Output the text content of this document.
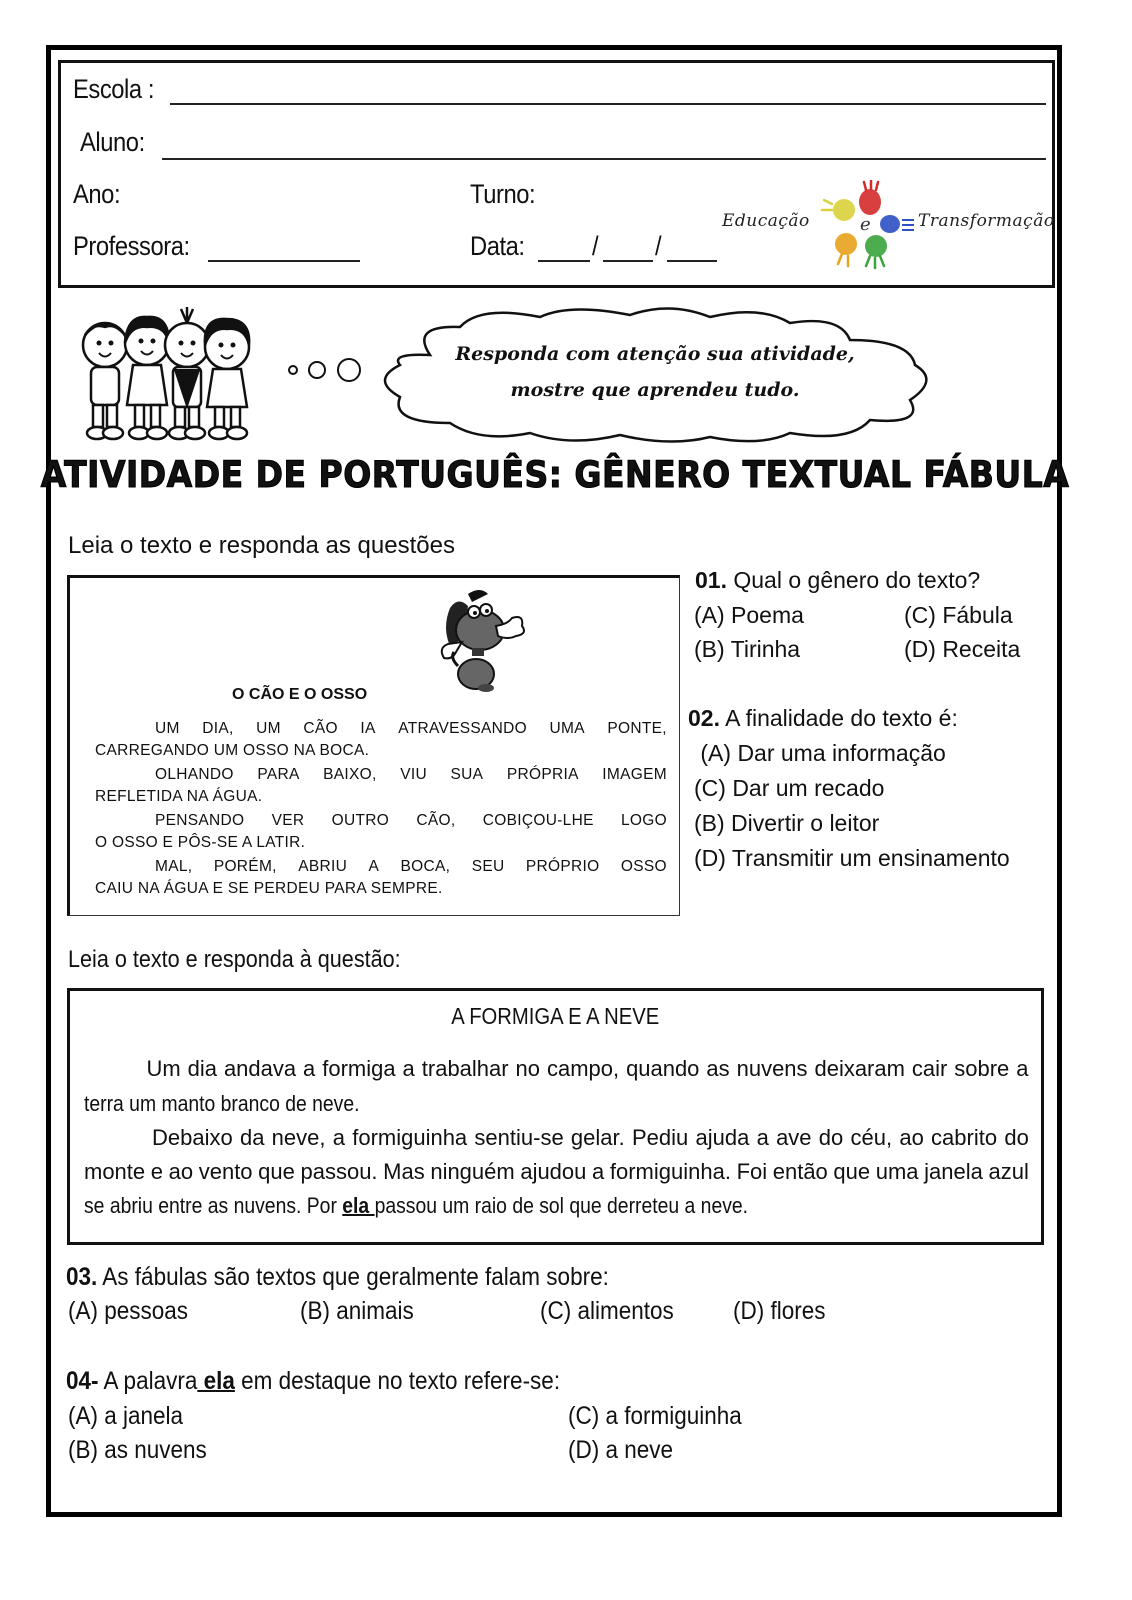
Escola :
Aluno:
Ano:	Turno:
Professora:	Data: / /
Educação	e	Transformação
Responda com atenção sua atividade,
mostre que aprendeu tudo.
ATIVIDADE DE PORTUGUÊS: GÊNERO TEXTUAL FÁBULA
Leia o texto e responda as questões
O CÃO E O OSSO
UM DIA, UM CÃO IA ATRAVESSANDO UMA PONTE,
CARREGANDO UM OSSO NA BOCA.
OLHANDO PARA BAIXO, VIU SUA PRÓPRIA IMAGEM
REFLETIDA NA ÁGUA.
PENSANDO VER OUTRO CÃO, COBIÇOU-LHE LOGO
O OSSO E PÔS-SE A LATIR.
MAL, PORÉM, ABRIU A BOCA, SEU PRÓPRIO OSSO
CAIU NA ÁGUA E SE PERDEU PARA SEMPRE.
01. Qual o gênero do texto?
(A) Poema	(C) Fábula
(B) Tirinha	(D) Receita
02. A finalidade do texto é:
(A) Dar uma informação
(C) Dar um recado
(B) Divertir o leitor
(D) Transmitir um ensinamento
Leia o texto e responda à questão:
A FORMIGA E A NEVE
Um dia andava a formiga a trabalhar no campo, quando as nuvens deixaram cair sobre a
terra um manto branco de neve.
Debaixo da neve, a formiguinha sentiu-se gelar. Pediu ajuda a ave do céu, ao cabrito do
monte e ao vento que passou. Mas ninguém ajudou a formiguinha. Foi então que uma janela azul
se abriu entre as nuvens. Por ela passou um raio de sol que derreteu a neve.
03. As fábulas são textos que geralmente falam sobre:
(A) pessoas	(B) animais	(C) alimentos (D) flores
04- A palavra ela em destaque no texto refere-se:
(A) a janela	(C) a formiguinha
(B) as nuvens	(D) a neve
